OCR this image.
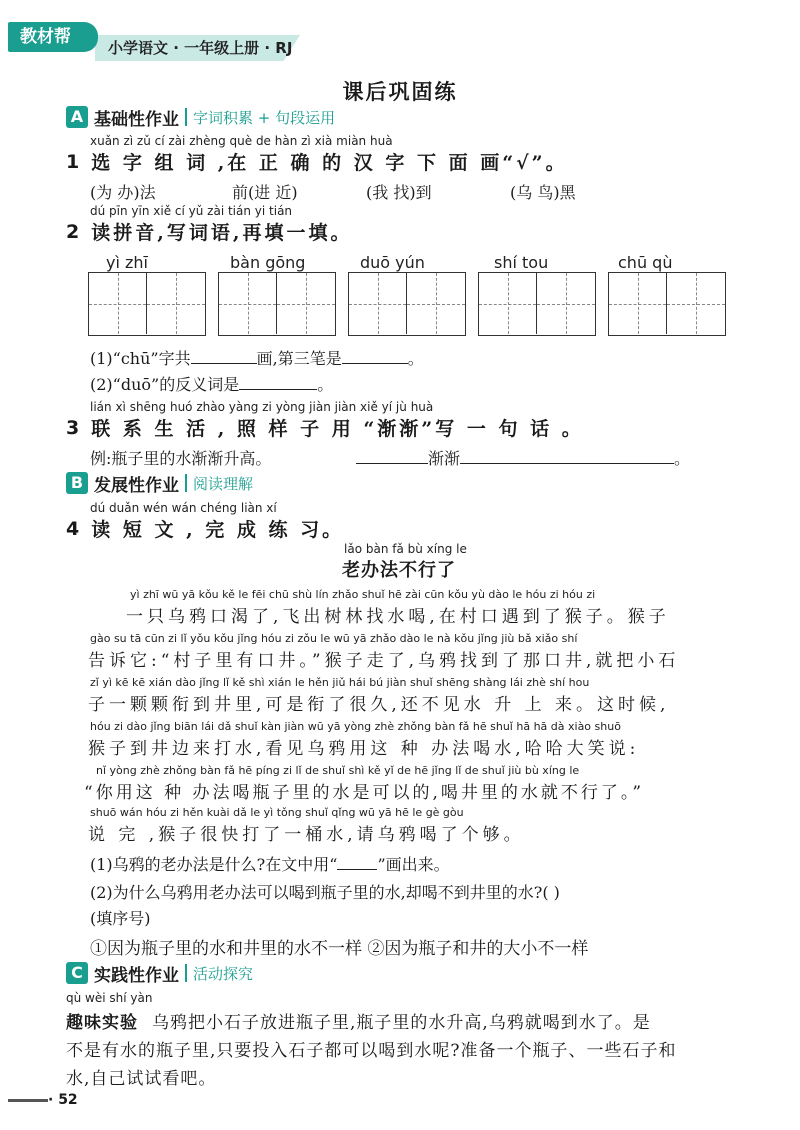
教材帮
小学语文 · 一年级上册 · RJ
课后巩固练
A 基础性作业 字词积累 + 句段运用
xuǎn zì zǔ cí zài zhèng què de hàn zì xià miàn huà
1 选 字 组 词 ,在 正 确 的 汉 字 下 面 画“√”。
(为 办)法	前(进 近)	(我 找)到	(乌 鸟)黑
dú pīn yīn xiě cí yǔ zài tián yi tián
2 读拼音,写词语,再填一填。
yì zhī	bàn gōng	duō yún	shí tou	chū qù
(1)“chū”字共	画,第三笔是	。
(2)“duō”的反义词是	。
lián xì shēng huó zhào yàng zi yòng jiàn jiàn xiě yí jù huà
3 联 系 生 活 , 照 样 子 用 “渐渐”写 一 句 话 。
例:瓶子里的水渐渐升高。	渐渐	。
B 发展性作业 阅读理解
dú duǎn wén wán chéng liàn xí
4 读 短 文 , 完 成 练 习。
lǎo bàn fǎ bù xíng le
老办法不行了
yì zhī wū yā kǒu kě le fēi chū shù lín zhǎo shuǐ hē zài cūn kǒu yù dào le hóu zi hóu zi
一只乌鸦口渴了,飞出树林找水喝,在村口遇到了猴子。猴子
gào su tā cūn zi lǐ yǒu kǒu jǐng hóu zi zǒu le wū yā zhǎo dào le nà kǒu jǐng jiù bǎ xiǎo shí
告诉它:“村子里有口井。”猴子走了,乌鸦找到了那口井,就把小石
zǐ yì kē kē xián dào jǐng lǐ kě shì xián le hěn jiǔ hái bú jiàn shuǐ shēng shàng lái zhè shí hou
子一颗颗衔到井里,可是衔了很久,还不见水 升 上 来。这时候,
hóu zi dào jǐng biān lái dǎ shuǐ kàn jiàn wū yā yòng zhè zhǒng bàn fǎ hē shuǐ hā hā dà xiào shuō
猴子到井边来打水,看见乌鸦用这 种 办法喝水,哈哈大笑说:
nǐ yòng zhè zhǒng bàn fǎ hē píng zi lǐ de shuǐ shì kě yǐ de hē jǐng lǐ de shuǐ jiù bù xíng le
“你用这 种 办法喝瓶子里的水是可以的,喝井里的水就不行了。”
shuō wán hóu zi hěn kuài dǎ le yì tǒng shuǐ qǐng wū yā hē le gè gòu
说 完 ,猴子很快打了一桶水,请乌鸦喝了个够。
(1)乌鸦的老办法是什么?在文中用“	”画出来。
(2)为什么乌鸦用老办法可以喝到瓶子里的水,却喝不到井里的水?( )
(填序号)
①因为瓶子里的水和井里的水不一样 ②因为瓶子和井的大小不一样
C 实践性作业 活动探究
qù wèi shí yàn
趣味实验 乌鸦把小石子放进瓶子里,瓶子里的水升高,乌鸦就喝到水了。是
不是有水的瓶子里,只要投入石子都可以喝到水呢?准备一个瓶子、一些石子和
水,自己试试看吧。
· 52
